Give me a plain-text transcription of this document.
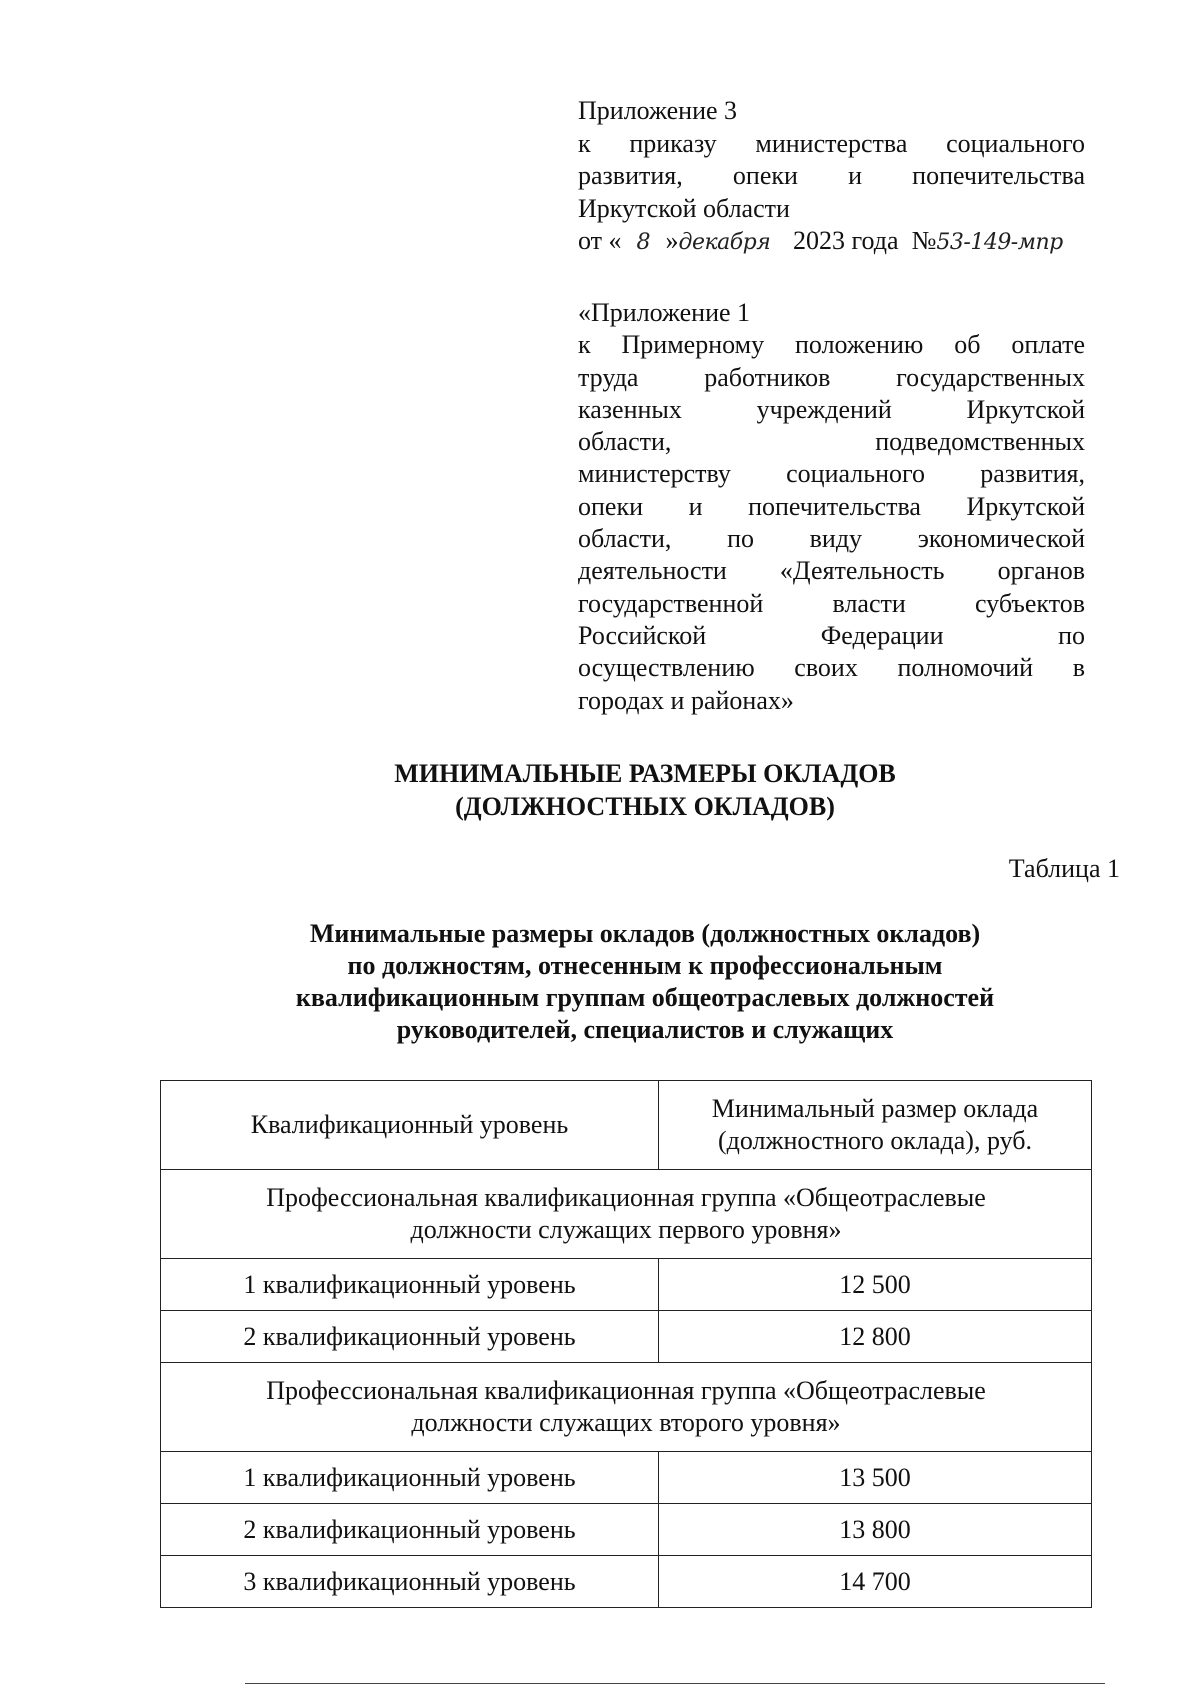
Приложение 3
к приказу министерства социального
развития, опеки и попечительства
Иркутской области
от « 8 »декабря 2023 года №53-149-мпр
«Приложение 1
к Примерному положению об оплате
труда работников государственных
казенных учреждений Иркутской
области, подведомственных
министерству социального развития,
опеки и попечительства Иркутской
области, по виду экономической
деятельности «Деятельность органов
государственной власти субъектов
Российской Федерации по
осуществлению своих полномочий в
городах и районах»
МИНИМАЛЬНЫЕ РАЗМЕРЫ ОКЛАДОВ
(ДОЛЖНОСТНЫХ ОКЛАДОВ)
Таблица 1
Минимальные размеры окладов (должностных окладов)
по должностям, отнесенным к профессиональным
квалификационным группам общеотраслевых должностей
руководителей, специалистов и служащих
Квалификационный уровень	Минимальный размер оклада
(должностного оклада), руб.

Профессиональная квалификационная группа «Общеотраслевые
должности служащих первого уровня»	

1 квалификационный уровень	12 500
2 квалификационный уровень	12 800

Профессиональная квалификационная группа «Общеотраслевые
должности служащих второго уровня»	

1 квалификационный уровень	13 500
2 квалификационный уровень	13 800
3 квалификационный уровень	14 700
